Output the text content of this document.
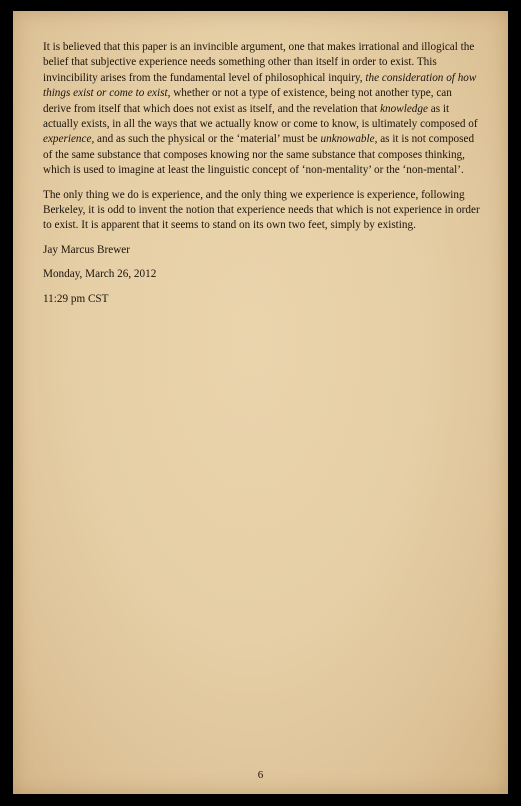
It is believed that this paper is an invincible argument, one that makes irrational and illogical the belief that subjective experience needs something other than itself in order to exist. This invincibility arises from the fundamental level of philosophical inquiry, the consideration of how things exist or come to exist, whether or not a type of existence, being not another type, can derive from itself that which does not exist as itself, and the revelation that knowledge as it actually exists, in all the ways that we actually know or come to know, is ultimately composed of experience, and as such the physical or the ‘material’ must be unknowable, as it is not composed of the same substance that composes knowing nor the same substance that composes thinking, which is used to imagine at least the linguistic concept of ‘non-mentality’ or the ‘non-mental’.

The only thing we do is experience, and the only thing we experience is experience, following Berkeley, it is odd to invent the notion that experience needs that which is not experience in order to exist. It is apparent that it seems to stand on its own two feet, simply by existing.

Jay Marcus Brewer

Monday, March 26, 2012

11:29 pm CST

6
